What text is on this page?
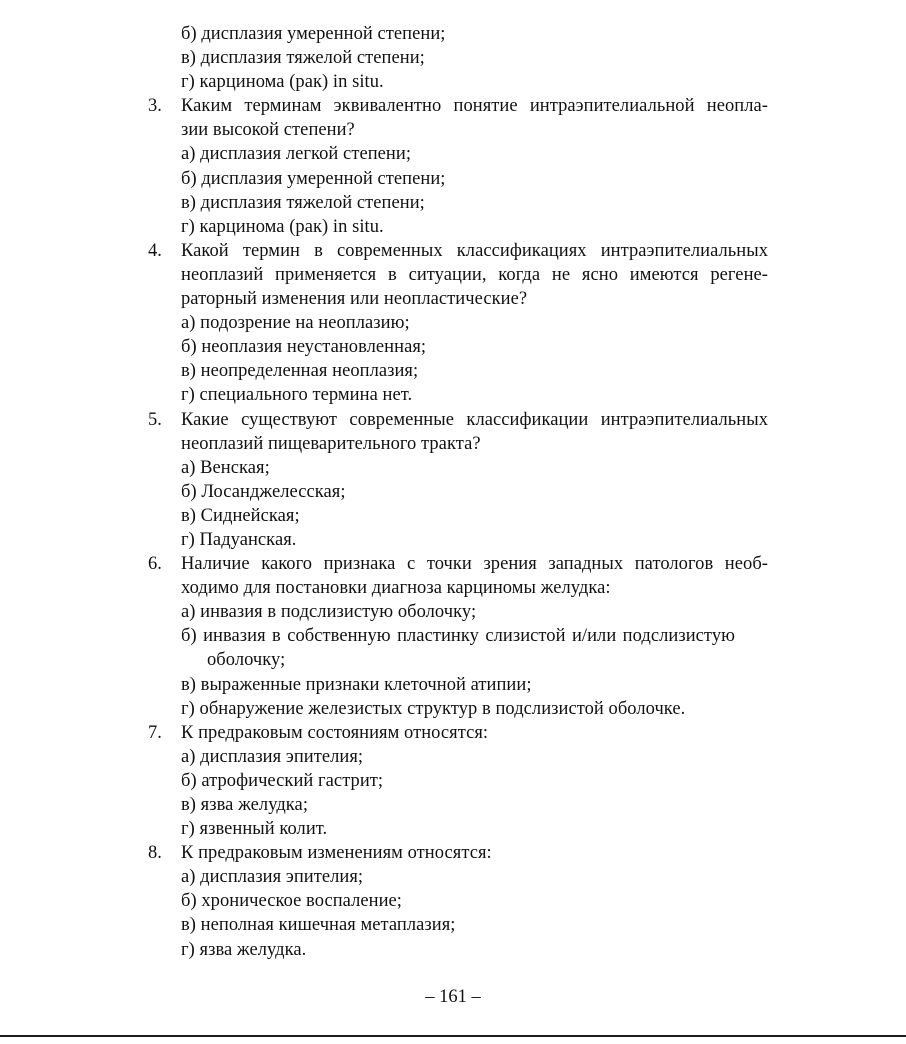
б) дисплазия умеренной степени;
в) дисплазия тяжелой степени;
г) карцинома (рак) in situ.
3.	Каким терминам эквивалентно понятие интраэпителиальной неопла-
зии высокой степени?
а) дисплазия легкой степени;
б) дисплазия умеренной степени;
в) дисплазия тяжелой степени;
г) карцинома (рак) in situ.
4.	Какой термин в современных классификациях интраэпителиальных
неоплазий применяется в ситуации, когда не ясно имеются регене-
раторный изменения или неопластические?
а) подозрение на неоплазию;
б) неоплазия неустановленная;
в) неопределенная неоплазия;
г) специального термина нет.
5.	Какие существуют современные классификации интраэпителиальных
неоплазий пищеварительного тракта?
а) Венская;
б) Лосанджелесская;
в) Сиднейская;
г) Падуанская.
6.	Наличие какого признака с точки зрения западных патологов необ-
ходимо для постановки диагноза карциномы желудка:
а) инвазия в подслизистую оболочку;
б) инвазия в собственную пластинку слизистой и/или подслизистую
оболочку;
в) выраженные признаки клеточной атипии;
г) обнаружение железистых структур в подслизистой оболочке.
7.	К предраковым состояниям относятся:
а) дисплазия эпителия;
б) атрофический гастрит;
в) язва желудка;
г) язвенный колит.
8.	К предраковым изменениям относятся:
а) дисплазия эпителия;
б) хроническое воспаление;
в) неполная кишечная метаплазия;
г) язва желудка.
– 161 –
